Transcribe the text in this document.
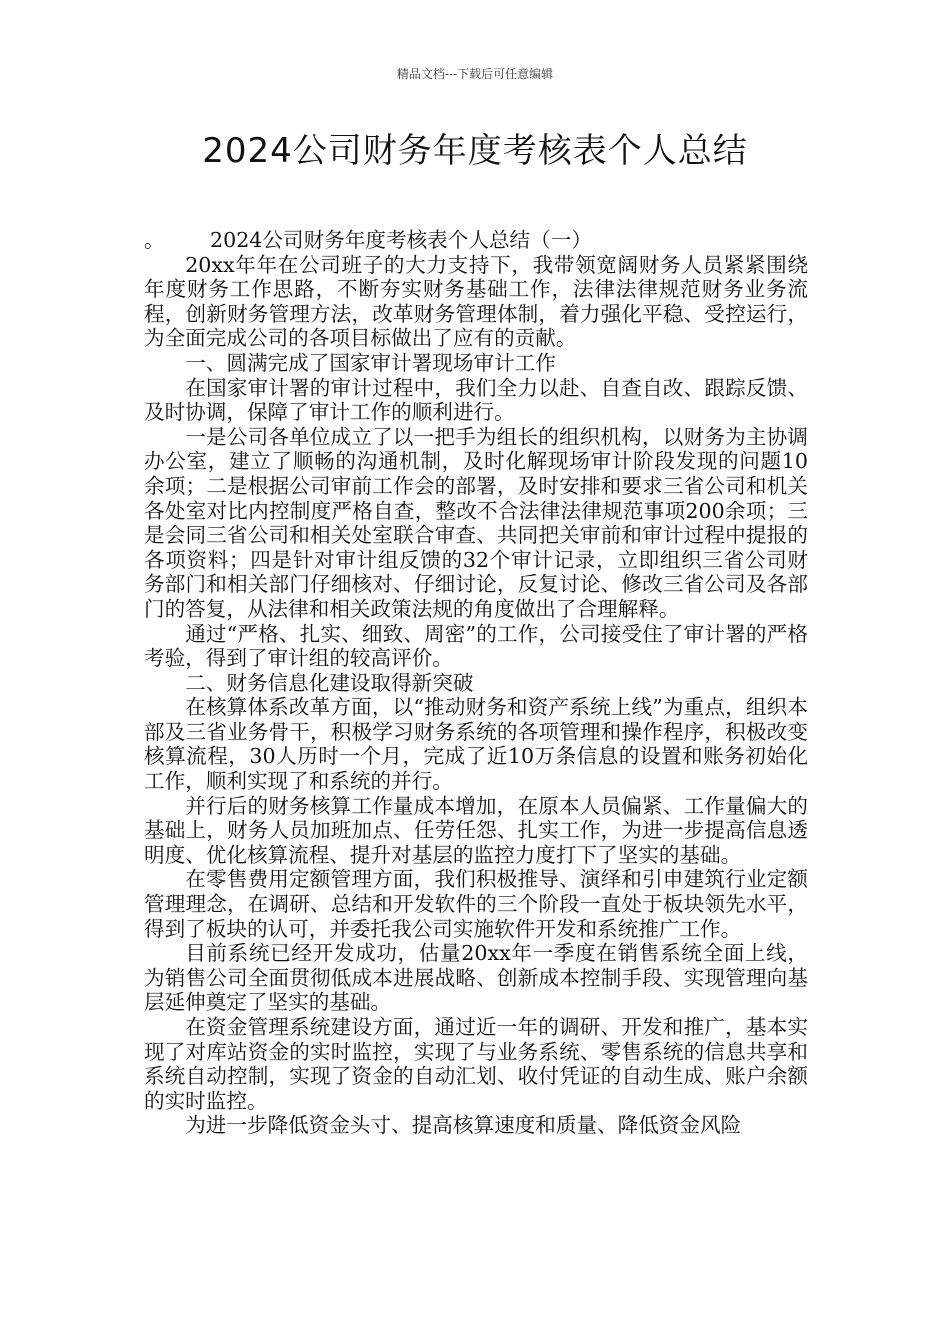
精品文档---下载后可任意编辑
2024公司财务年度考核表个人总结

。 2024公司财务年度考核表个人总结（一）

20xx年年在公司班子的大力支持下，我带领宽阔财务人员紧紧围绕年度财务工作思路，不断夯实财务基础工作，法律法律规范财务业务流程，创新财务管理方法，改革财务管理体制，着力强化平稳、受控运行，为全面完成公司的各项目标做出了应有的贡献。

一、圆满完成了国家审计署现场审计工作

在国家审计署的审计过程中，我们全力以赴、自查自改、跟踪反馈、及时协调，保障了审计工作的顺利进行。

一是公司各单位成立了以一把手为组长的组织机构，以财务为主协调办公室，建立了顺畅的沟通机制，及时化解现场审计阶段发现的问题10余项；二是根据公司审前工作会的部署，及时安排和要求三省公司和机关各处室对比内控制度严格自查，整改不合法律法律规范事项200余项；三是会同三省公司和相关处室联合审查、共同把关审前和审计过程中提报的各项资料；四是针对审计组反馈的32个审计记录，立即组织三省公司财务部门和相关部门仔细核对、仔细讨论，反复讨论、修改三省公司及各部门的答复，从法律和相关政策法规的角度做出了合理解释。

通过“严格、扎实、细致、周密”的工作，公司接受住了审计署的严格考验，得到了审计组的较高评价。

二、财务信息化建设取得新突破

在核算体系改革方面，以“推动财务和资产系统上线”为重点，组织本部及三省业务骨干，积极学习财务系统的各项管理和操作程序，积极改变核算流程，30人历时一个月，完成了近10万条信息的设置和账务初始化工作，顺利实现了和系统的并行。

并行后的财务核算工作量成本增加，在原本人员偏紧、工作量偏大的基础上，财务人员加班加点、任劳任怨、扎实工作，为进一步提高信息透明度、优化核算流程、提升对基层的监控力度打下了坚实的基础。

在零售费用定额管理方面，我们积极推导、演绎和引申建筑行业定额管理理念，在调研、总结和开发软件的三个阶段一直处于板块领先水平，得到了板块的认可，并委托我公司实施软件开发和系统推广工作。

目前系统已经开发成功，估量20xx年一季度在销售系统全面上线，为销售公司全面贯彻低成本进展战略、创新成本控制手段、实现管理向基层延伸奠定了坚实的基础。

在资金管理系统建设方面，通过近一年的调研、开发和推广，基本实现了对库站资金的实时监控，实现了与业务系统、零售系统的信息共享和系统自动控制，实现了资金的自动汇划、收付凭证的自动生成、账户余额的实时监控。

为进一步降低资金头寸、提高核算速度和质量、降低资金风险
